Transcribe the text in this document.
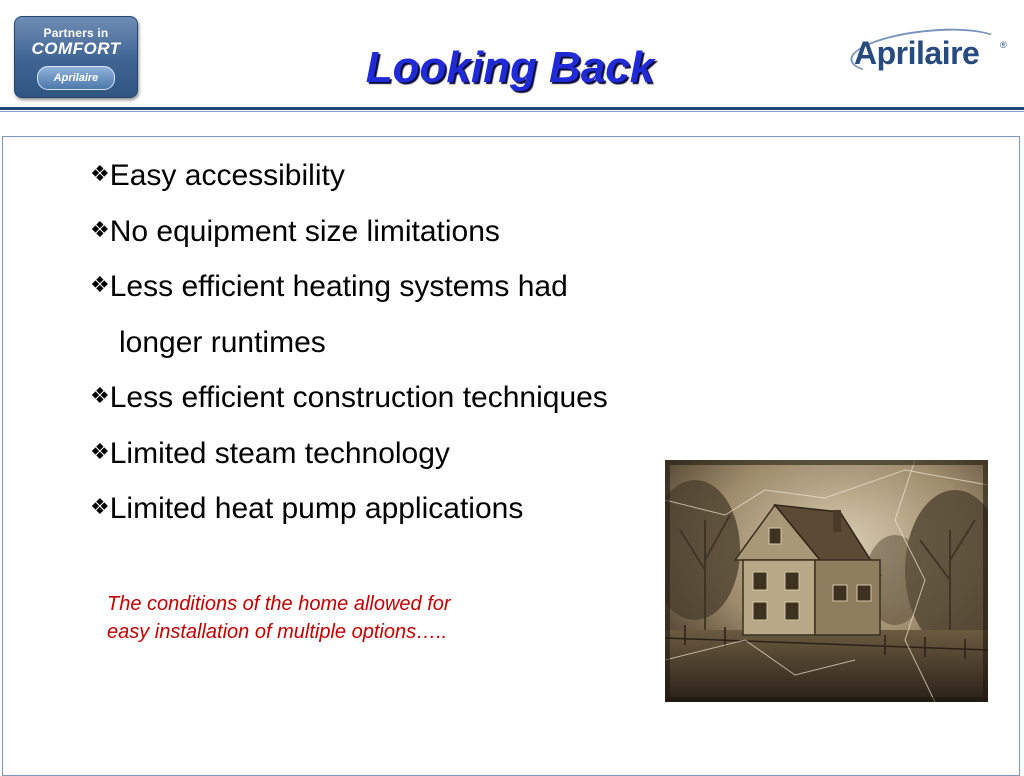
Partners in
COMFORT
Aprilaire	Looking Back	Aprilaire ®
❖Easy accessibility
❖No equipment size limitations
❖Less efficient heating systems had
longer runtimes
❖Less efficient construction techniques
❖Limited steam technology
❖Limited heat pump applications
The conditions of the home allowed for
easy installation of multiple options…..
